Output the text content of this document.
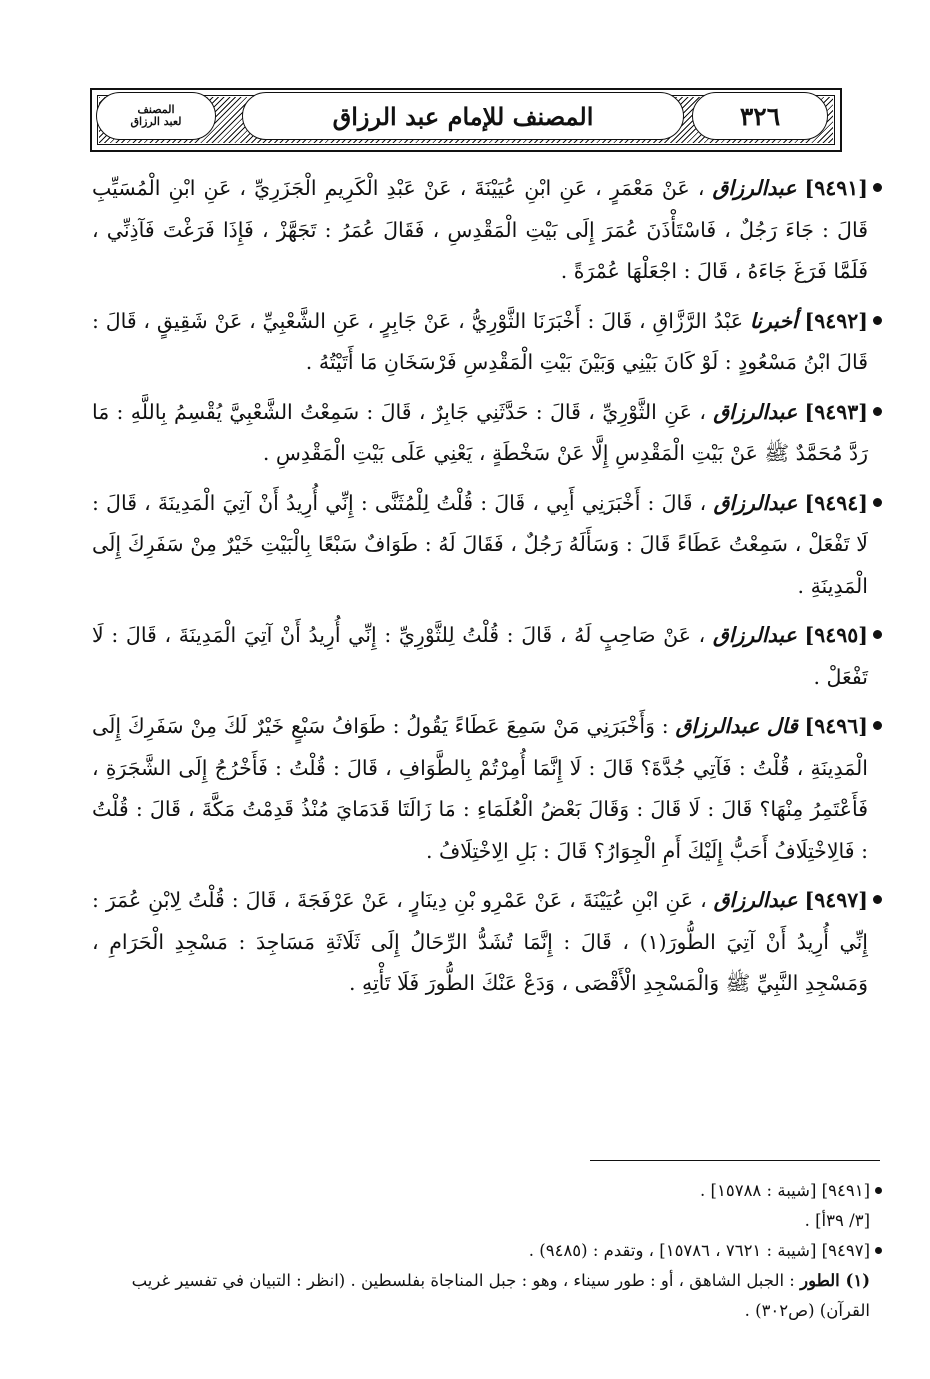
المصنف
لعبد الرزاق	المصنف للإمام عبد الرزاق	٣٢٦

[٩٤٩١] عبدالرزاق ، عَنْ مَعْمَرٍ ، عَنِ ابْنِ عُيَيْنَةَ ، عَنْ عَبْدِ الْكَرِيمِ الْجَزَرِيِّ ، عَنِ ابْنِ الْمُسَيِّبِ قَالَ : جَاءَ رَجُلٌ ، فَاسْتَأْذَنَ عُمَرَ إِلَى بَيْتِ الْمَقْدِسِ ، فَقَالَ عُمَرُ : تَجَهَّزْ ، فَإِذَا فَرَغْتَ فَآذِنِّي ، فَلَمَّا فَرَغَ جَاءَهُ ، قَالَ : اجْعَلْهَا عُمْرَةً .

[٩٤٩٢] أخبرنا عَبْدُ الرَّزَّاقِ ، قَالَ : أَخْبَرَنَا الثَّوْرِيُّ ، عَنْ جَابِرٍ ، عَنِ الشَّعْبِيِّ ، عَنْ شَقِيقٍ ، قَالَ : قَالَ ابْنُ مَسْعُودٍ : لَوْ كَانَ بَيْنِي وَبَيْنَ بَيْتِ الْمَقْدِسِ فَرْسَخَانِ مَا أَتَيْتُهُ .

[٩٤٩٣] عبدالرزاق ، عَنِ الثَّوْرِيِّ ، قَالَ : حَدَّثَنِي جَابِرٌ ، قَالَ : سَمِعْتُ الشَّعْبِيَّ يُقْسِمُ بِاللَّهِ : مَا رَدَّ مُحَمَّدٌ ﷺ عَنْ بَيْتِ الْمَقْدِسِ إِلَّا عَنْ سَخْطَةٍ ، يَعْنِي عَلَى بَيْتِ الْمَقْدِسِ .

[٩٤٩٤] عبدالرزاق ، قَالَ : أَخْبَرَنِي أَبِي ، قَالَ : قُلْتُ لِلْمُثَنَّى : إِنِّي أُرِيدُ أَنْ آتِيَ الْمَدِينَةَ ، قَالَ : لَا تَفْعَلْ ، سَمِعْتُ عَطَاءً قَالَ : وَسَأَلَهُ رَجُلٌ ، فَقَالَ لَهُ : طَوَافٌ سَبْعًا بِالْبَيْتِ خَيْرٌ مِنْ سَفَرِكَ إِلَى الْمَدِينَةِ .

[٩٤٩٥] عبدالرزاق ، عَنْ صَاحِبٍ لَهُ ، قَالَ : قُلْتُ لِلثَّوْرِيِّ : إِنِّي أُرِيدُ أَنْ آتِيَ الْمَدِينَةَ ، قَالَ : لَا تَفْعَلْ .

[٩٤٩٦] قال عبدالرزاق : وَأَخْبَرَنِي مَنْ سَمِعَ عَطَاءً يَقُولُ : طَوَافُ سَبْعٍ خَيْرٌ لَكَ مِنْ سَفَرِكَ إِلَى الْمَدِينَةِ ، قُلْتُ : فَآتِي جُدَّةَ؟ قَالَ : لَا إِنَّمَا أُمِرْتُمْ بِالطَّوَافِ ، قَالَ : قُلْتُ : فَأَخْرُجُ إِلَى الشَّجَرَةِ ، فَأَعْتَمِرُ مِنْهَا؟ قَالَ : لَا قَالَ : وَقَالَ بَعْضُ الْعُلَمَاءِ : مَا زَالَتَا قَدَمَايَ مُنْذُ قَدِمْتُ مَكَّةَ ، قَالَ : قُلْتُ : فَالِاخْتِلَافُ أَحَبُّ إِلَيْكَ أَمِ الْجِوَارُ؟ قَالَ : بَلِ الِاخْتِلَافُ .

[٩٤٩٧] عبدالرزاق ، عَنِ ابْنِ عُيَيْنَةَ ، عَنْ عَمْرِو بْنِ دِينَارٍ ، عَنْ عَرْفَجَةَ ، قَالَ : قُلْتُ لِابْنِ عُمَرَ : إِنِّي أُرِيدُ أَنْ آتِيَ الطُّورَ(١) ، قَالَ : إِنَّمَا تُشَدُّ الرِّحَالُ إِلَى ثَلَاثَةِ مَسَاجِدَ : مَسْجِدِ الْحَرَامِ ، وَمَسْجِدِ النَّبِيِّ ﷺ وَالْمَسْجِدِ الْأَقْصَى ، وَدَعْ عَنْكَ الطُّورَ فَلَا تَأْتِهِ .

[٩٤٩١] [شيبة : ١٥٧٨٨] .
[٣/ ٣٩أ] .
[٩٤٩٧] [شيبة : ٧٦٢١ ، ١٥٧٨٦] ، وتقدم : (٩٤٨٥) .
(١) الطور : الجبل الشاهق ، أو : طور سيناء ، وهو : جبل المناجاة بفلسطين . (انظر : التبيان في تفسير غريب القرآن) (ص٣٠٢) .
